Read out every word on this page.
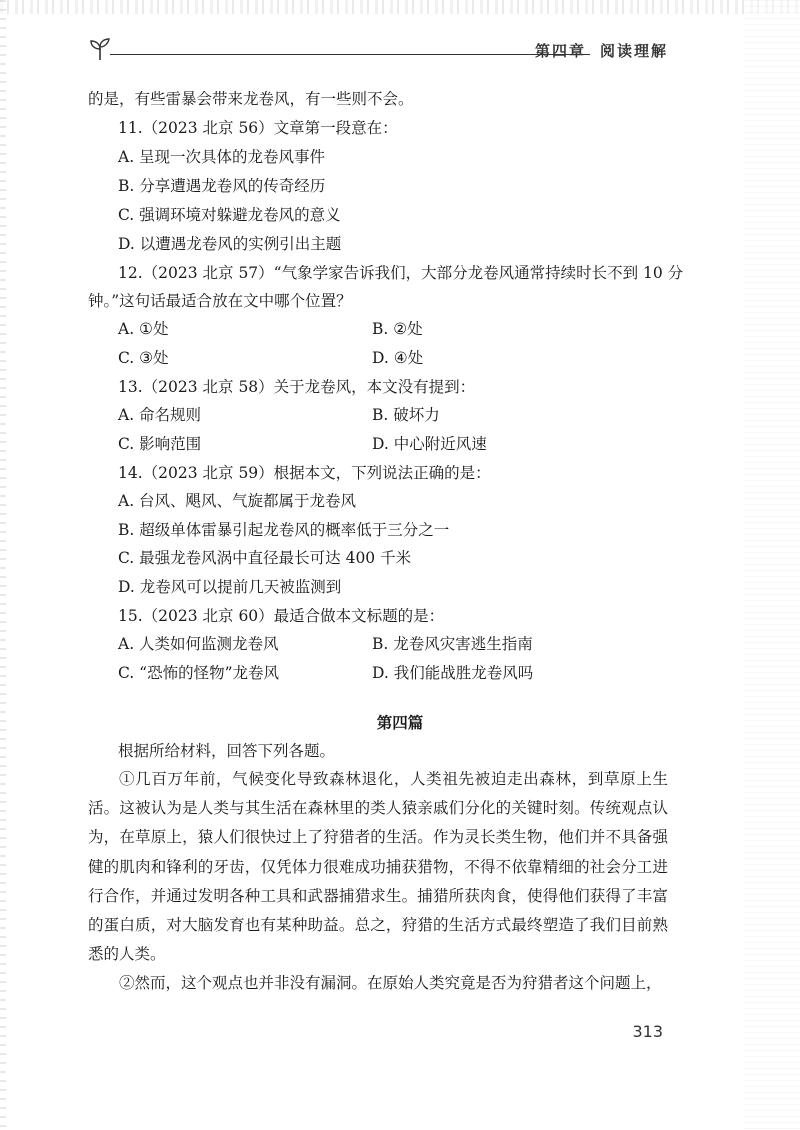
第四章 阅读理解
的是，有些雷暴会带来龙卷风，有一些则不会。
11.（2023 北京 56）文章第一段意在：
A. 呈现一次具体的龙卷风事件
B. 分享遭遇龙卷风的传奇经历
C. 强调环境对躲避龙卷风的意义
D. 以遭遇龙卷风的实例引出主题
12.（2023 北京 57）“气象学家告诉我们，大部分龙卷风通常持续时长不到 10 分
钟。”这句话最适合放在文中哪个位置？
A. ①处	B. ②处
C. ③处	D. ④处
13.（2023 北京 58）关于龙卷风，本文没有提到：
A. 命名规则	B. 破坏力
C. 影响范围	D. 中心附近风速
14.（2023 北京 59）根据本文，下列说法正确的是：
A. 台风、飓风、气旋都属于龙卷风
B. 超级单体雷暴引起龙卷风的概率低于三分之一
C. 最强龙卷风涡中直径最长可达 400 千米
D. 龙卷风可以提前几天被监测到
15.（2023 北京 60）最适合做本文标题的是：
A. 人类如何监测龙卷风	B. 龙卷风灾害逃生指南
C. “恐怖的怪物”龙卷风	D. 我们能战胜龙卷风吗
第四篇
根据所给材料，回答下列各题。
①几百万年前，气候变化导致森林退化，人类祖先被迫走出森林，到草原上生活。这被认为是人类与其生活在森林里的类人猿亲戚们分化的关键时刻。传统观点认为，在草原上，猿人们很快过上了狩猎者的生活。作为灵长类生物，他们并不具备强健的肌肉和锋利的牙齿，仅凭体力很难成功捕获猎物，不得不依靠精细的社会分工进行合作，并通过发明各种工具和武器捕猎求生。捕猎所获肉食，使得他们获得了丰富的蛋白质，对大脑发育也有某种助益。总之，狩猎的生活方式最终塑造了我们目前熟悉的人类。
②然而，这个观点也并非没有漏洞。在原始人类究竟是否为狩猎者这个问题上，
313
